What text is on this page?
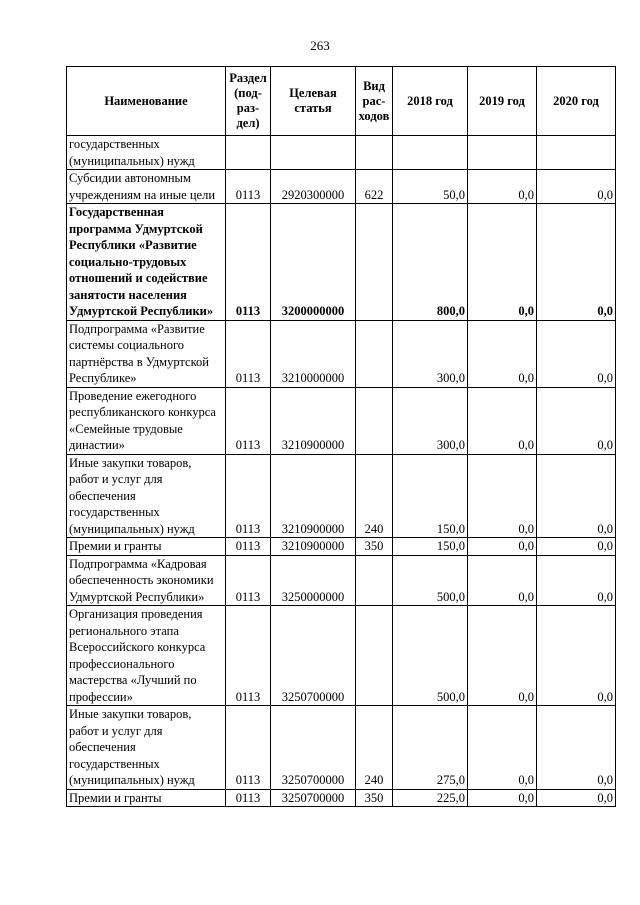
263
Наименование	Раздел (под-раз-дел)	Целевая статья	Вид рас-ходов	2018 год	2019 год	2020 год
государственных (муниципальных) нужд						
Субсидии автономным учреждениям на иные цели	0113	2920300000	622	50,0	0,0	0,0
Государственная программа Удмуртской Республики «Развитие социально-трудовых отношений и содействие занятости населения Удмуртской Республики»	0113	3200000000		800,0	0,0	0,0
Подпрограмма «Развитие системы социального партнёрства в Удмуртской Республике»	0113	3210000000		300,0	0,0	0,0
Проведение ежегодного республиканского конкурса «Семейные трудовые династии»	0113	3210900000		300,0	0,0	0,0
Иные закупки товаров, работ и услуг для обеспечения государственных (муниципальных) нужд	0113	3210900000	240	150,0	0,0	0,0
Премии и гранты	0113	3210900000	350	150,0	0,0	0,0
Подпрограмма «Кадровая обеспеченность экономики Удмуртской Республики»	0113	3250000000		500,0	0,0	0,0
Организация проведения регионального этапа Всероссийского конкурса профессионального мастерства «Лучший по профессии»	0113	3250700000		500,0	0,0	0,0
Иные закупки товаров, работ и услуг для обеспечения государственных (муниципальных) нужд	0113	3250700000	240	275,0	0,0	0,0
Премии и гранты	0113	3250700000	350	225,0	0,0	0,0
